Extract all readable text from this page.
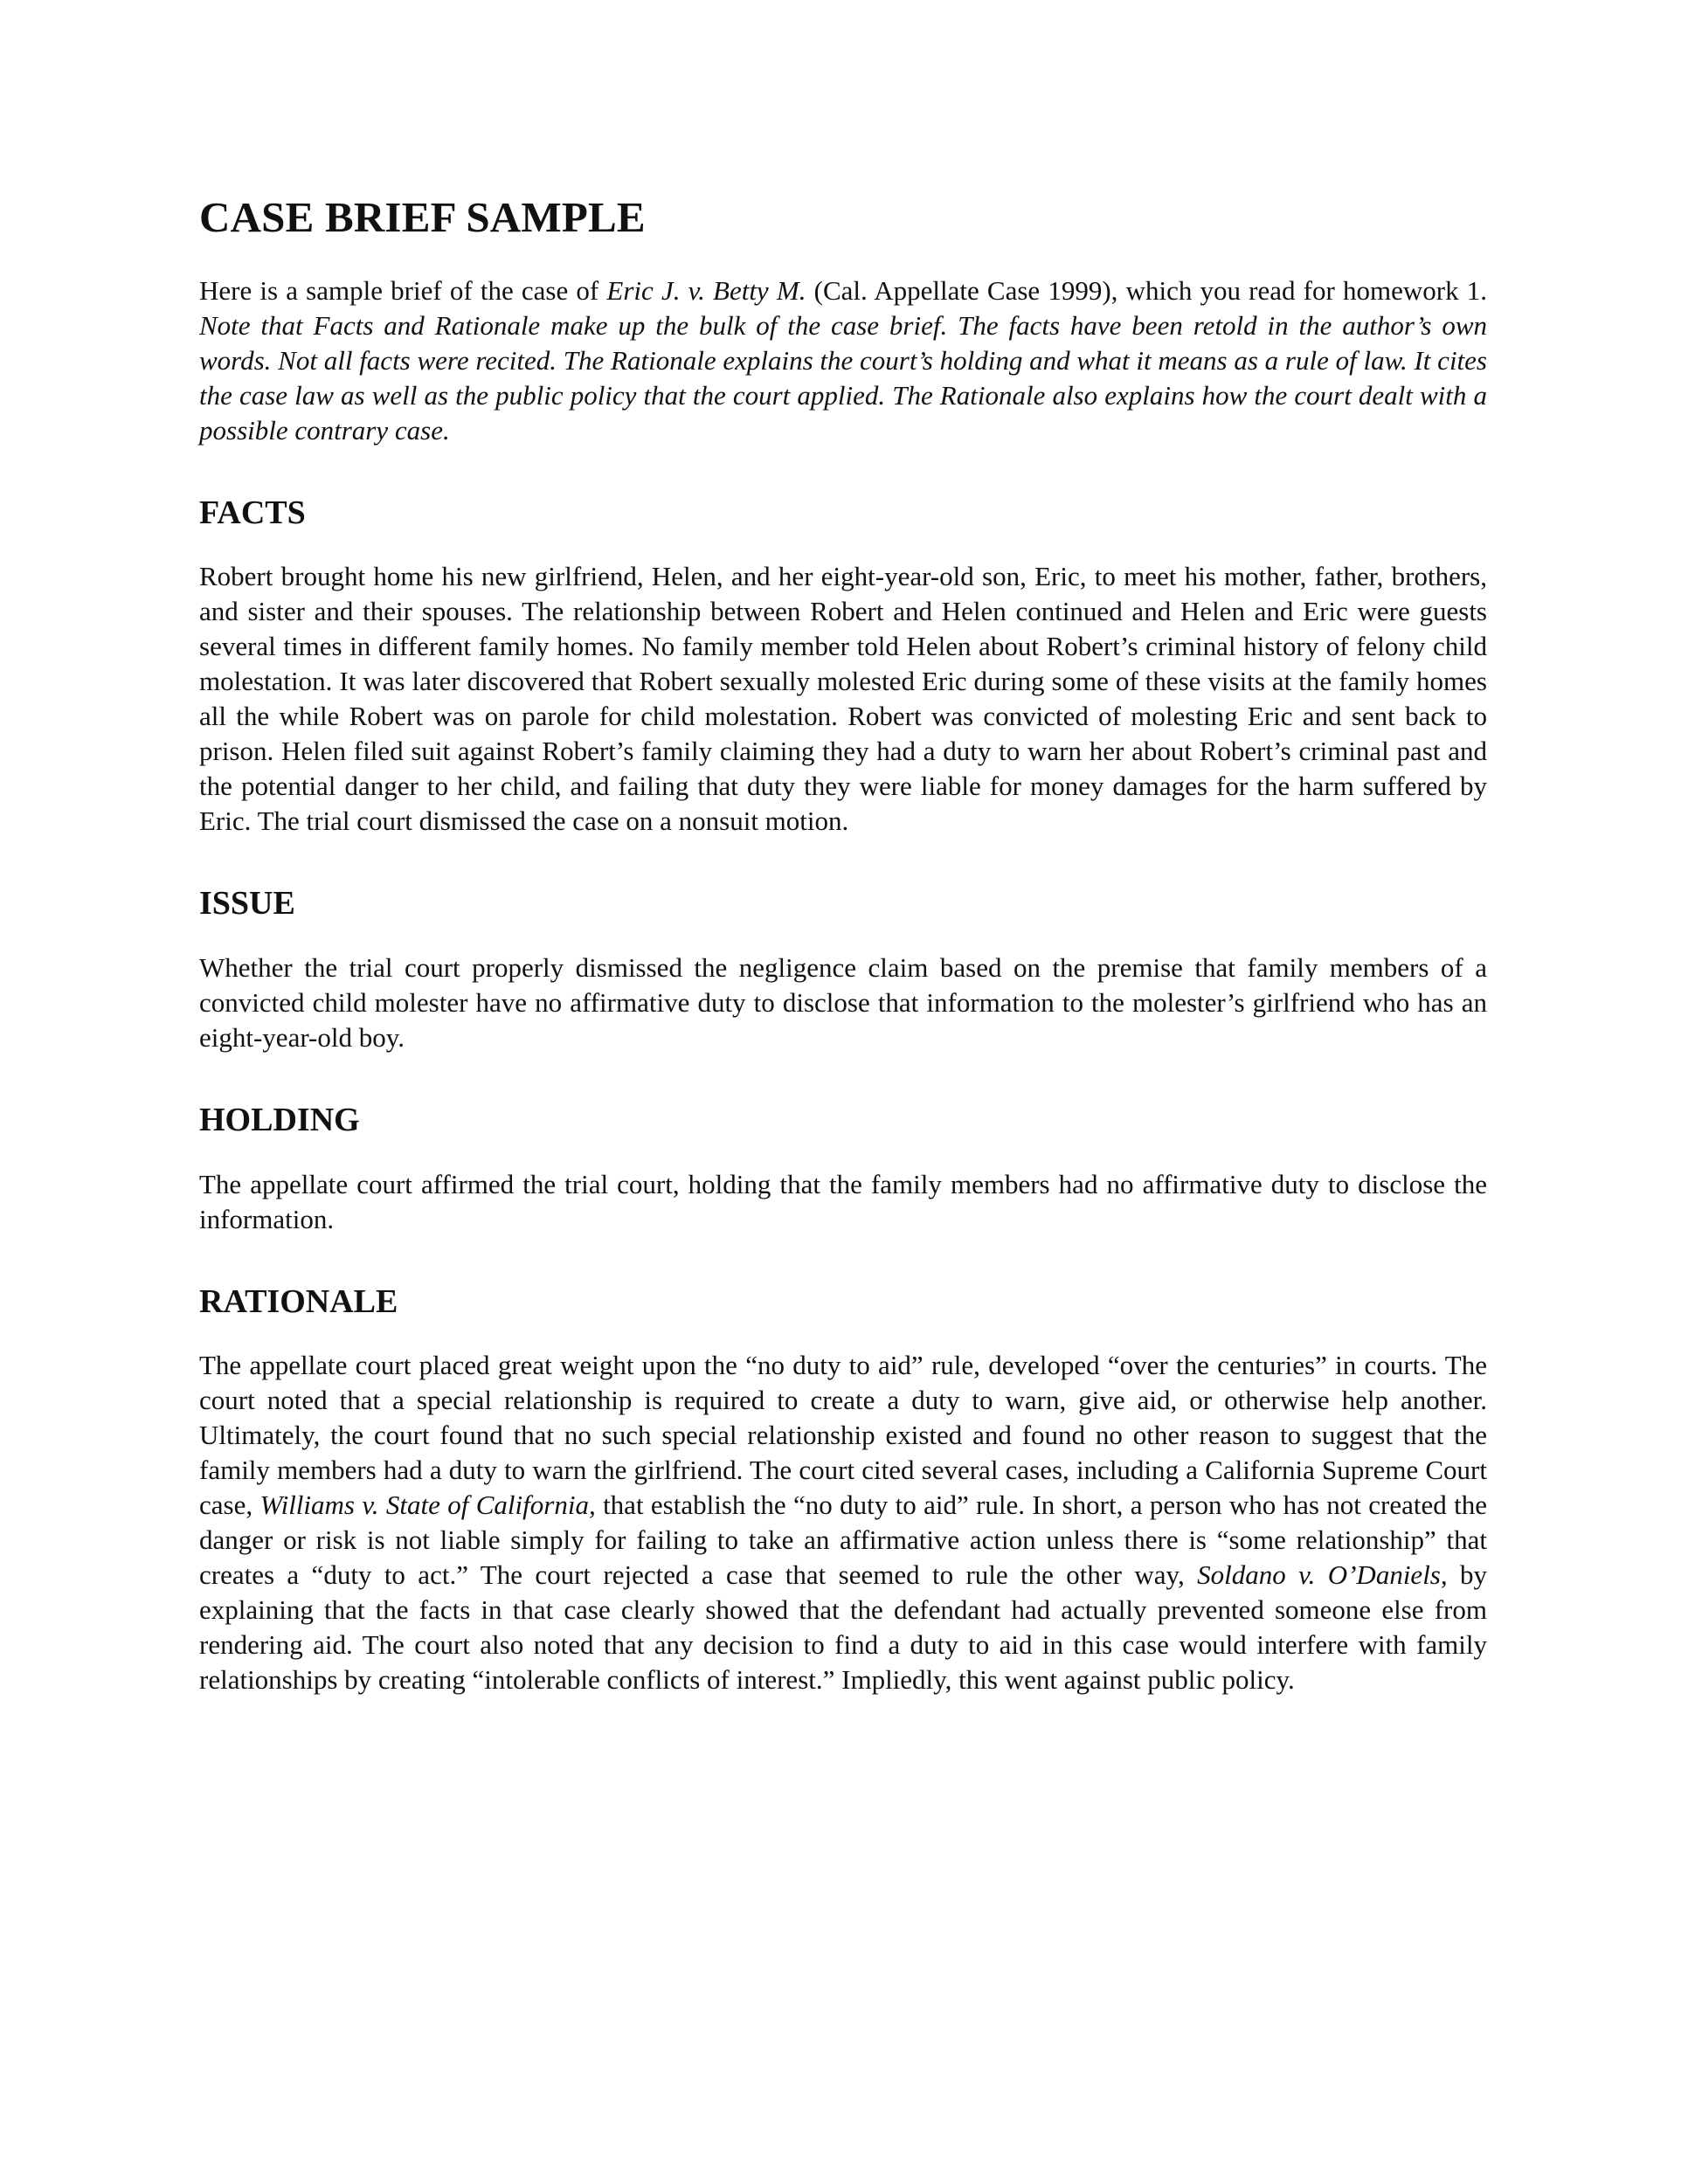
CASE BRIEF SAMPLE

Here is a sample brief of the case of Eric J. v. Betty M. (Cal. Appellate Case 1999), which you read for homework 1. Note that Facts and Rationale make up the bulk of the case brief. The facts have been retold in the author’s own words. Not all facts were recited. The Rationale explains the court’s holding and what it means as a rule of law. It cites the case law as well as the public policy that the court applied. The Rationale also explains how the court dealt with a possible contrary case.

FACTS

Robert brought home his new girlfriend, Helen, and her eight-year-old son, Eric, to meet his mother, father, brothers, and sister and their spouses. The relationship between Robert and Helen continued and Helen and Eric were guests several times in different family homes. No family member told Helen about Robert’s criminal history of felony child molestation. It was later discovered that Robert sexually molested Eric during some of these visits at the family homes all the while Robert was on parole for child molestation. Robert was convicted of molesting Eric and sent back to prison. Helen filed suit against Robert’s family claiming they had a duty to warn her about Robert’s criminal past and the potential danger to her child, and failing that duty they were liable for money damages for the harm suffered by Eric. The trial court dismissed the case on a nonsuit motion.

ISSUE

Whether the trial court properly dismissed the negligence claim based on the premise that family members of a convicted child molester have no affirmative duty to disclose that information to the molester’s girlfriend who has an eight-year-old boy.

HOLDING

The appellate court affirmed the trial court, holding that the family members had no affirmative duty to disclose the information.

RATIONALE

The appellate court placed great weight upon the “no duty to aid” rule, developed “over the centuries” in courts. The court noted that a special relationship is required to create a duty to warn, give aid, or otherwise help another. Ultimately, the court found that no such special relationship existed and found no other reason to suggest that the family members had a duty to warn the girlfriend. The court cited several cases, including a California Supreme Court case, Williams v. State of California, that establish the “no duty to aid” rule. In short, a person who has not created the danger or risk is not liable simply for failing to take an affirmative action unless there is “some relationship” that creates a “duty to act.” The court rejected a case that seemed to rule the other way, Soldano v. O’Daniels, by explaining that the facts in that case clearly showed that the defendant had actually prevented someone else from rendering aid. The court also noted that any decision to find a duty to aid in this case would interfere with family relationships by creating “intolerable conflicts of interest.” Impliedly, this went against public policy.
